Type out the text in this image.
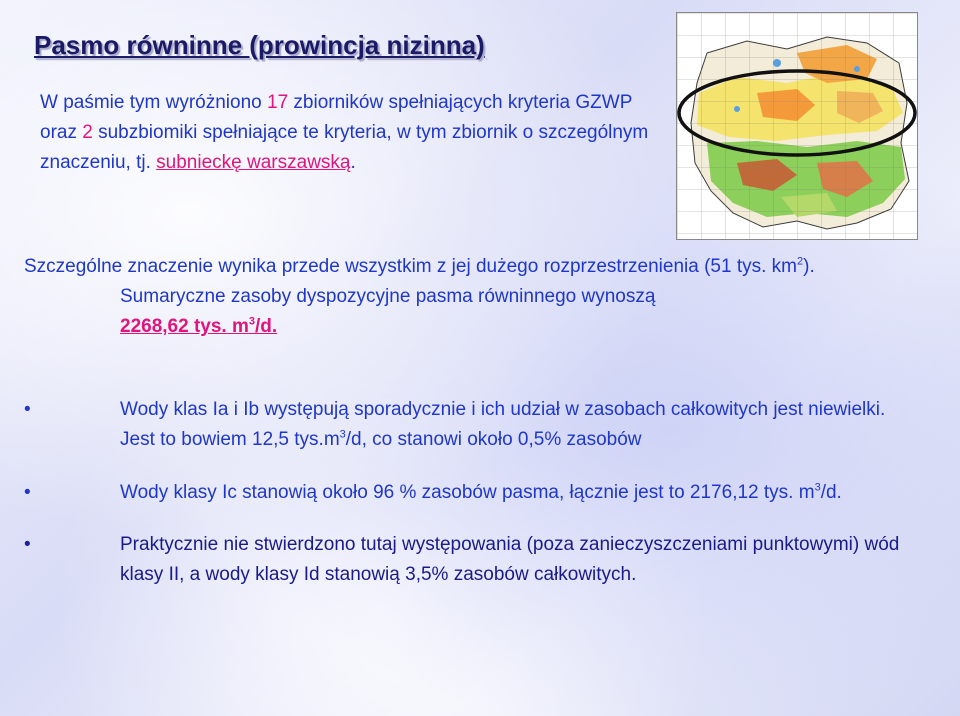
Pasmo równinne (prowincja nizinna)

W paśmie tym wyróżniono 17 zbiorników spełniających kryteria GZWP oraz 2 subzbiomiki spełniające te kryteria, w tym zbiornik o szczególnym znaczeniu, tj. subnieckę warszawską.

Szczególne znaczenie wynika przede wszystkim z jej dużego rozprzestrzenienia (51 tys. $km^2$).
Sumaryczne zasoby dyspozycyjne pasma równinnego wynoszą
2268,62 tys. $m^3/d$.

•	Wody klas Ia i Ib występują sporadycznie i ich udział w zasobach całkowitych jest niewielki. Jest to bowiem 12,5 $tys.m^3/d$, co stanowi około 0,5% zasobów
•	Wody klasy Ic stanowią około 96 % zasobów pasma, łącznie jest to 2176,12 tys. $m^3/d$.
•	Praktycznie nie stwierdzono tutaj występowania (poza zanieczyszczeniami punktowymi) wód klasy II, a wody klasy Id stanowią 3,5% zasobów całkowitych.
